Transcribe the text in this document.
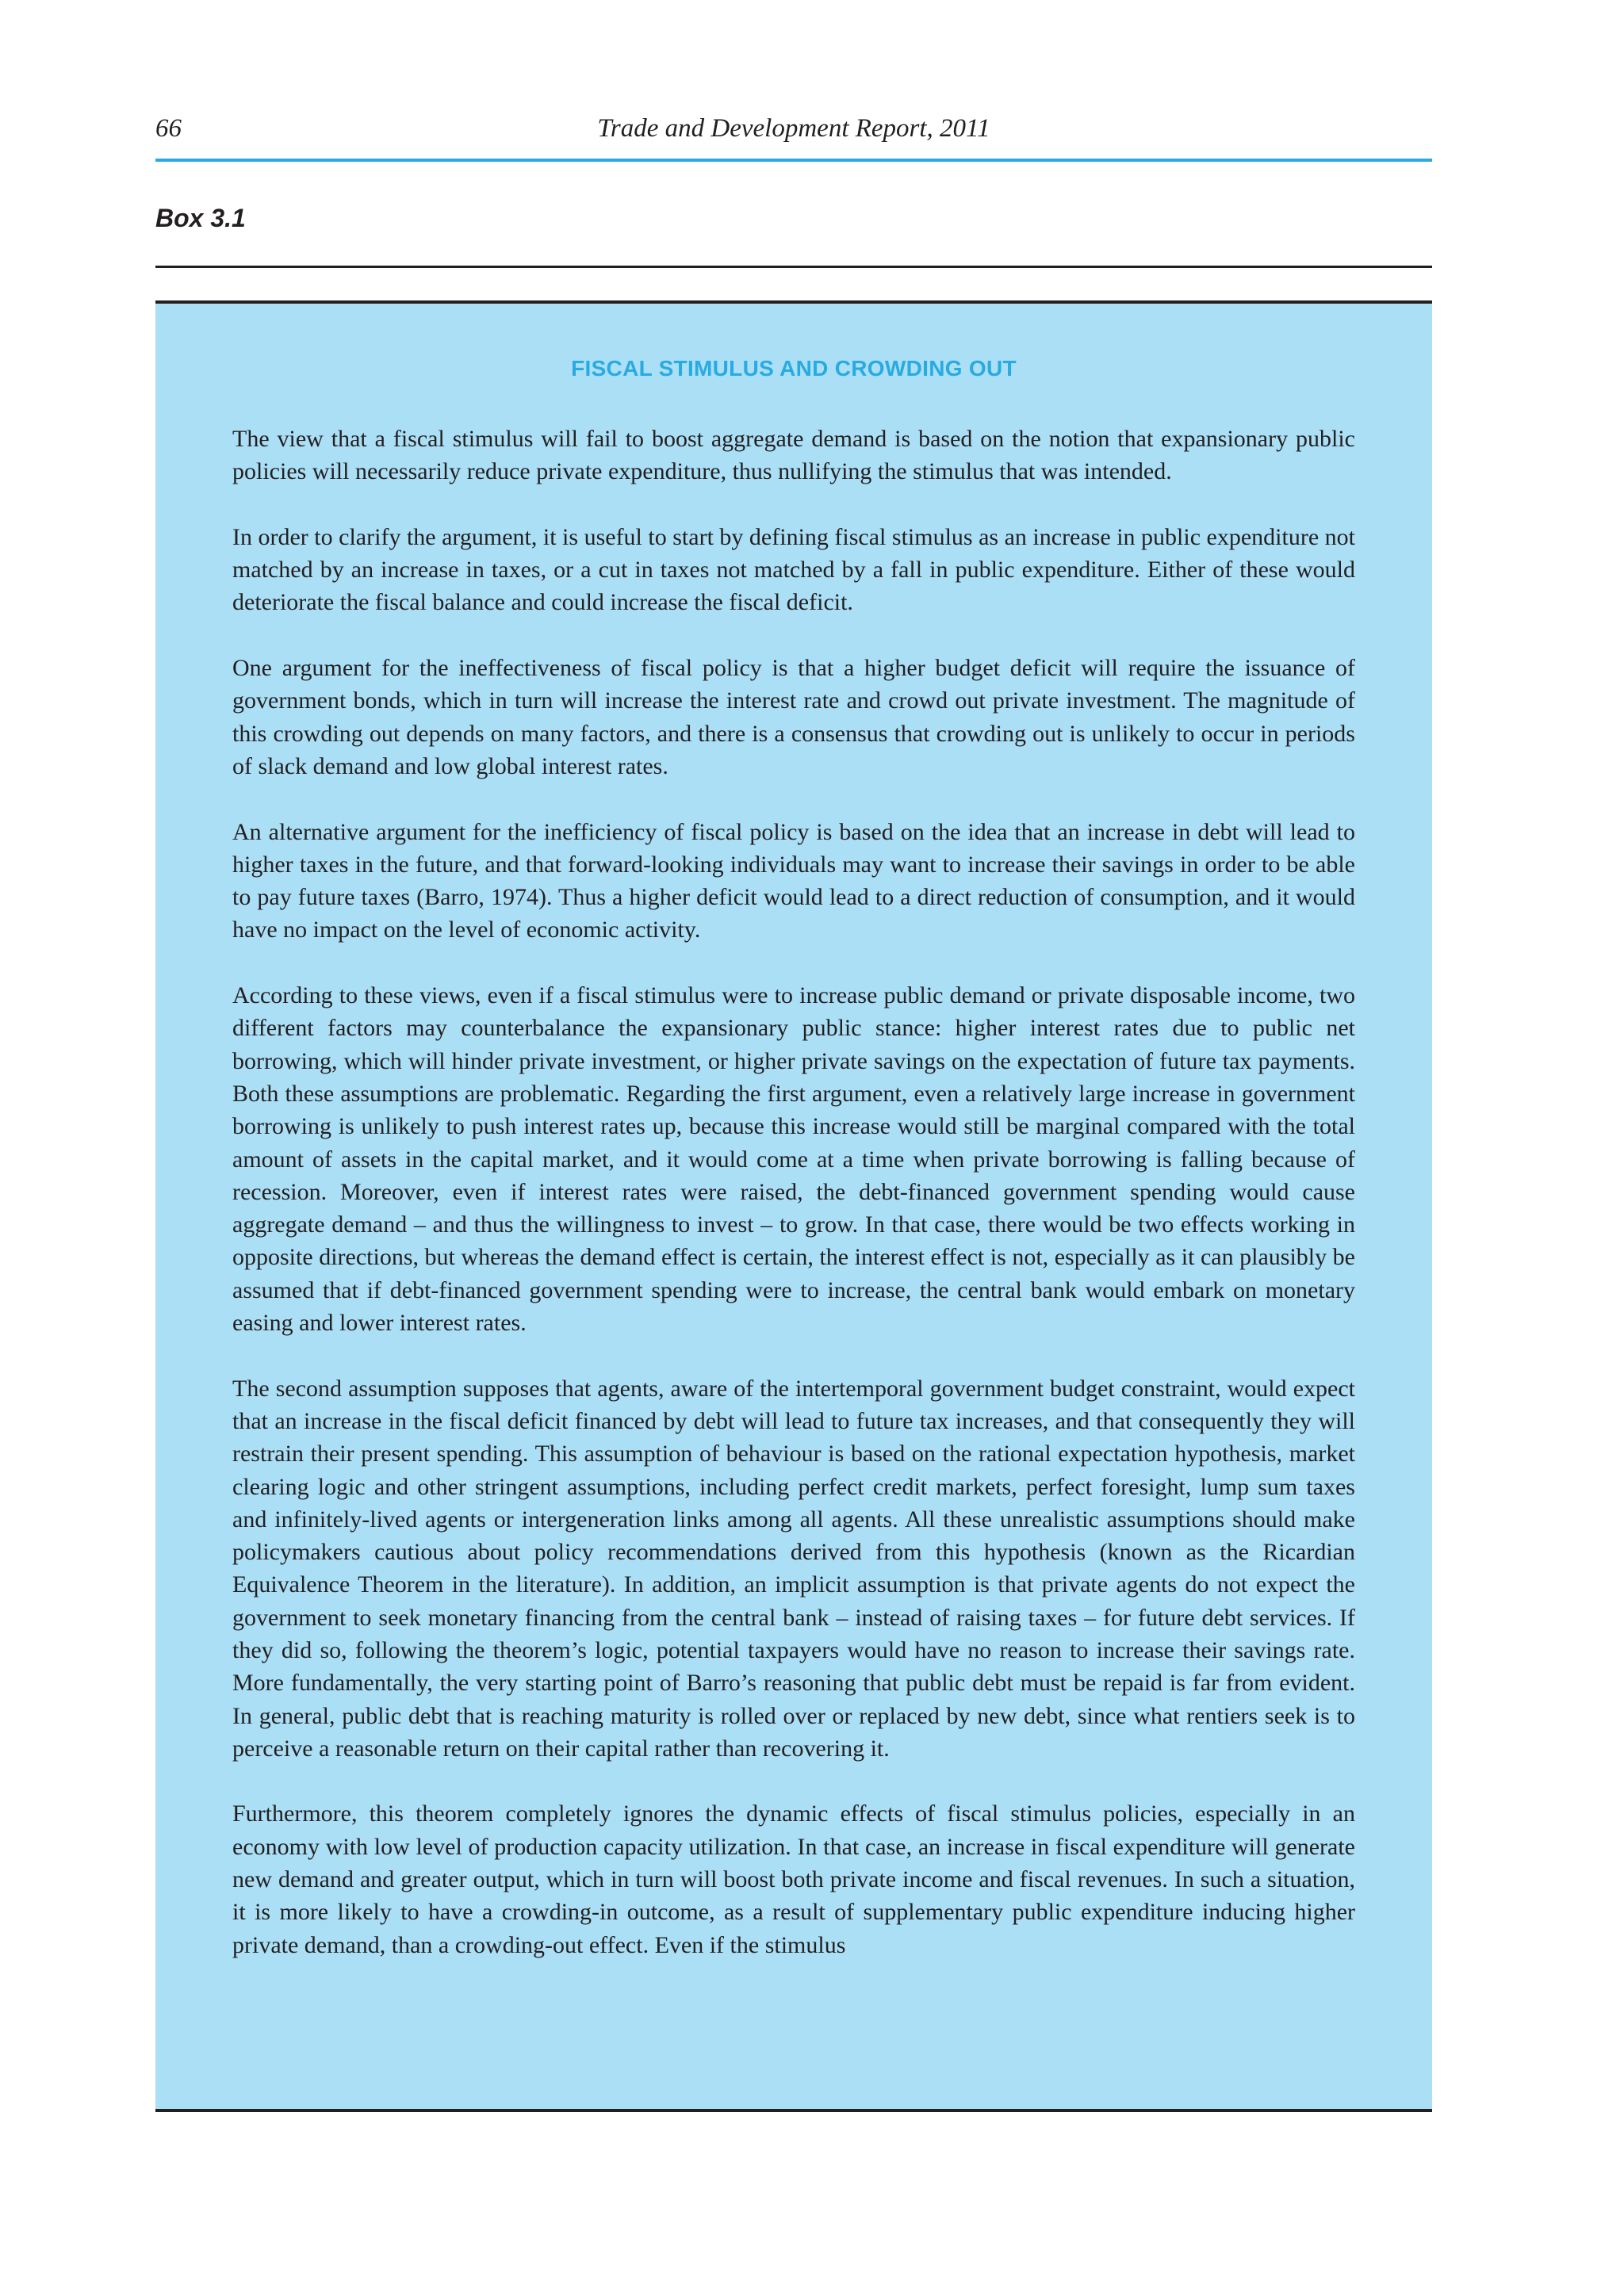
66	Trade and Development Report, 2011
Box 3.1
FISCAL STIMULUS AND CROWDING OUT

The view that a fiscal stimulus will fail to boost aggregate demand is based on the notion that expansionary public policies will necessarily reduce private expenditure, thus nullifying the stimulus that was intended.

In order to clarify the argument, it is useful to start by defining fiscal stimulus as an increase in public expenditure not matched by an increase in taxes, or a cut in taxes not matched by a fall in public expenditure. Either of these would deteriorate the fiscal balance and could increase the fiscal deficit.

One argument for the ineffectiveness of fiscal policy is that a higher budget deficit will require the issuance of government bonds, which in turn will increase the interest rate and crowd out private investment. The magnitude of this crowding out depends on many factors, and there is a consensus that crowding out is unlikely to occur in periods of slack demand and low global interest rates.

An alternative argument for the inefficiency of fiscal policy is based on the idea that an increase in debt will lead to higher taxes in the future, and that forward-looking individuals may want to increase their savings in order to be able to pay future taxes (Barro, 1974). Thus a higher deficit would lead to a direct reduction of consumption, and it would have no impact on the level of economic activity.

According to these views, even if a fiscal stimulus were to increase public demand or private disposable income, two different factors may counterbalance the expansionary public stance: higher interest rates due to public net borrowing, which will hinder private investment, or higher private savings on the expectation of future tax payments. Both these assumptions are problematic. Regarding the first argument, even a relatively large increase in government borrowing is unlikely to push interest rates up, because this increase would still be marginal compared with the total amount of assets in the capital market, and it would come at a time when private borrowing is falling because of recession. Moreover, even if interest rates were raised, the debt-financed government spending would cause aggregate demand – and thus the willingness to invest – to grow. In that case, there would be two effects working in opposite directions, but whereas the demand effect is certain, the interest effect is not, especially as it can plausibly be assumed that if debt-financed government spending were to increase, the central bank would embark on monetary easing and lower interest rates.

The second assumption supposes that agents, aware of the intertemporal government budget constraint, would expect that an increase in the fiscal deficit financed by debt will lead to future tax increases, and that consequently they will restrain their present spending. This assumption of behaviour is based on the rational expectation hypothesis, market clearing logic and other stringent assumptions, including perfect credit markets, perfect foresight, lump sum taxes and infinitely-lived agents or intergeneration links among all agents. All these unrealistic assumptions should make policymakers cautious about policy recommendations derived from this hypothesis (known as the Ricardian Equivalence Theorem in the literature). In addition, an implicit assumption is that private agents do not expect the government to seek monetary financing from the central bank – instead of raising taxes – for future debt services. If they did so, following the theorem’s logic, potential taxpayers would have no reason to increase their savings rate. More fundamentally, the very starting point of Barro’s reasoning that public debt must be repaid is far from evident. In general, public debt that is reaching maturity is rolled over or replaced by new debt, since what rentiers seek is to perceive a reasonable return on their capital rather than recovering it.

Furthermore, this theorem completely ignores the dynamic effects of fiscal stimulus policies, especially in an economy with low level of production capacity utilization. In that case, an increase in fiscal expenditure will generate new demand and greater output, which in turn will boost both private income and fiscal revenues. In such a situation, it is more likely to have a crowding-in outcome, as a result of supplementary public expenditure inducing higher private demand, than a crowding-out effect. Even if the stimulus
